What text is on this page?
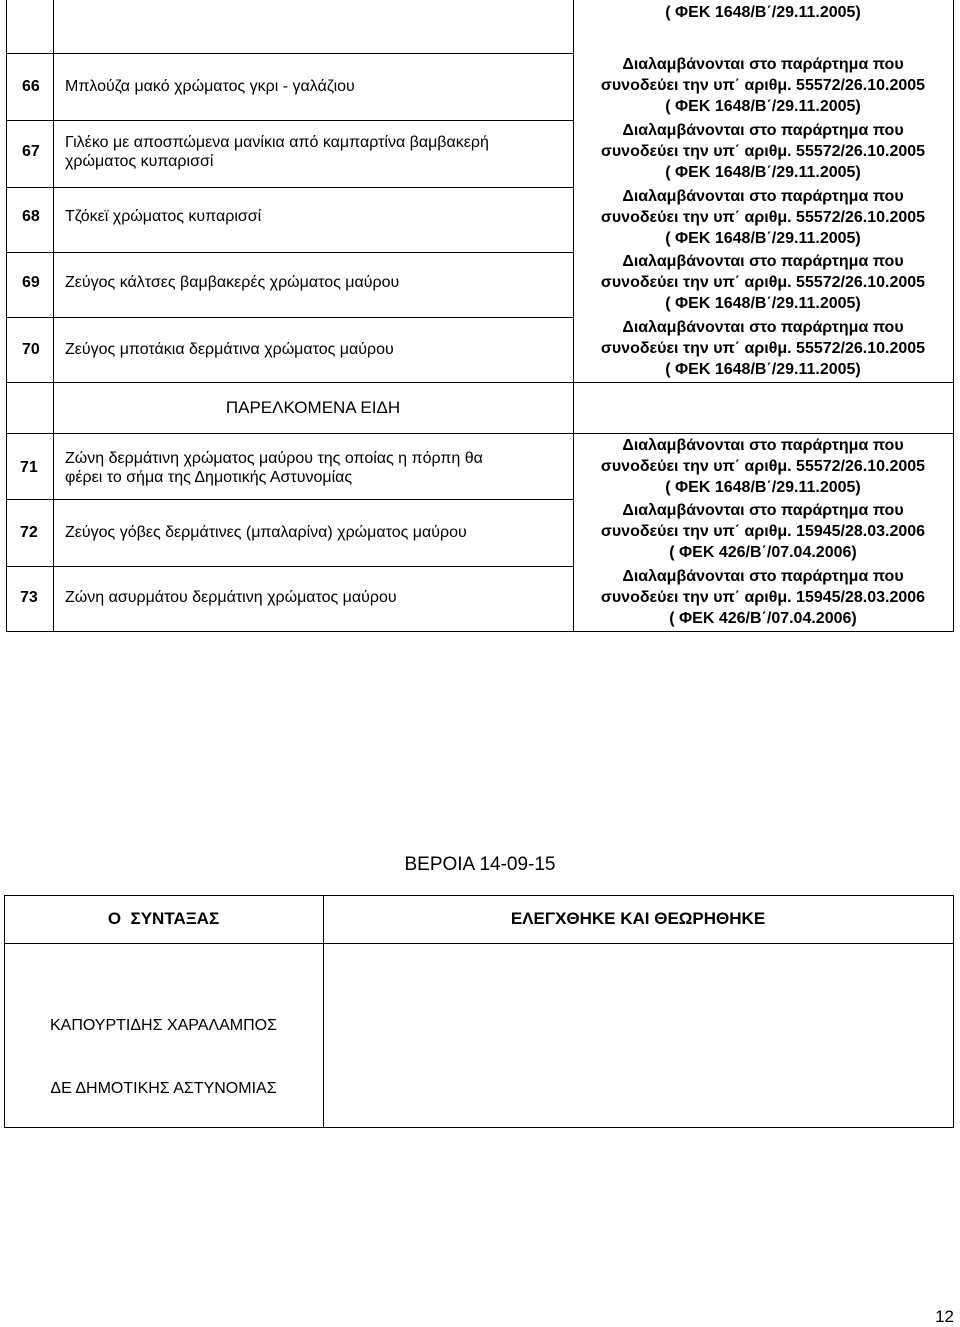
( ΦΕΚ 1648/Β΄/29.11.2005)
66 Μπλούζα μακό χρώματος γκρι - γαλάζιου
67
Γιλέκο με αποσπώμενα μανίκια από καμπαρτίνα βαμβακερή
χρώματος κυπαρισσί
68 Τζόκεϊ χρώματος κυπαρισσί
69 Ζεύγος κάλτσες βαμβακερές χρώματος μαύρου
70 Ζεύγος μποτάκια δερμάτινα χρώματος μαύρου
Διαλαμβάνονται στο παράρτημα που
συνοδεύει την υπ΄ αριθμ. 55572/26.10.2005
( ΦΕΚ 1648/Β΄/29.11.2005)
Διαλαμβάνονται στο παράρτημα που
συνοδεύει την υπ΄ αριθμ. 55572/26.10.2005
( ΦΕΚ 1648/Β΄/29.11.2005)
Διαλαμβάνονται στο παράρτημα που
συνοδεύει την υπ΄ αριθμ. 55572/26.10.2005
( ΦΕΚ 1648/Β΄/29.11.2005)
Διαλαμβάνονται στο παράρτημα που
συνοδεύει την υπ΄ αριθμ. 55572/26.10.2005
( ΦΕΚ 1648/Β΄/29.11.2005)
Διαλαμβάνονται στο παράρτημα που
συνοδεύει την υπ΄ αριθμ. 55572/26.10.2005
( ΦΕΚ 1648/Β΄/29.11.2005)
ΠΑΡΕΛΚΟΜΕΝΑ ΕΙΔΗ
71
Ζώνη δερμάτινη χρώματος μαύρου της οποίας η πόρπη θα
φέρει το σήμα της Δημοτικής Αστυνομίας
72 Ζεύγος γόβες δερμάτινες (μπαλαρίνα) χρώματος μαύρου
73 Ζώνη ασυρμάτου δερμάτινη χρώματος μαύρου
Διαλαμβάνονται στο παράρτημα που
συνοδεύει την υπ΄ αριθμ. 55572/26.10.2005
( ΦΕΚ 1648/Β΄/29.11.2005)
Διαλαμβάνονται στο παράρτημα που
συνοδεύει την υπ΄ αριθμ. 15945/28.03.2006
( ΦΕΚ 426/Β΄/07.04.2006)
Διαλαμβάνονται στο παράρτημα που
συνοδεύει την υπ΄ αριθμ. 15945/28.03.2006
( ΦΕΚ 426/Β΄/07.04.2006)
ΒΕΡΟΙΑ 14-09-15
Ο  ΣΥΝΤΑΞΑΣ	ΕΛΕΓΧΘΗΚΕ ΚΑΙ ΘΕΩΡΗΘΗΚΕ
ΚΑΠΟΥΡΤΙΔΗΣ ΧΑΡΑΛΑΜΠΟΣ
ΔΕ ΔΗΜΟΤΙΚΗΣ ΑΣΤΥΝΟΜΙΑΣ
12
